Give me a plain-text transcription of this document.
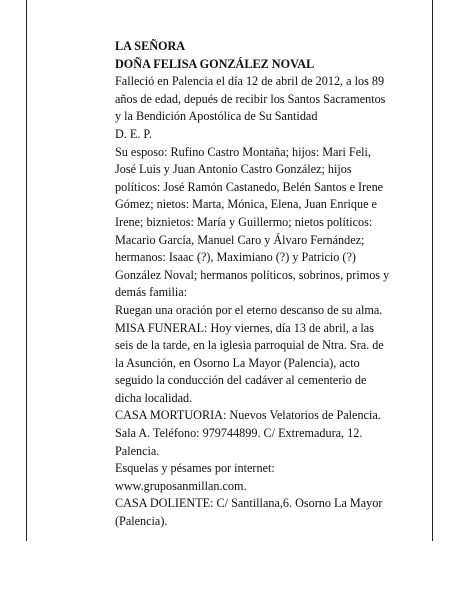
LA SEÑORA

DOÑA FELISA GONZÁLEZ NOVAL

Falleció en Palencia el día 12 de abril de 2012, a los 89

años de edad, depués de recibir los Santos Sacramentos

y la Bendición Apostólica de Su Santidad

D. E. P.

Su esposo: Rufino Castro Montaña; hijos: Mari Feli,

José Luis y Juan Antonio Castro González; hijos

políticos: José Ramón Castanedo, Belén Santos e Irene

Gómez; nietos: Marta, Mónica, Elena, Juan Enrique e

Irene; biznietos: María y Guillermo; nietos políticos:

Macario García, Manuel Caro y Álvaro Fernández;

hermanos: Isaac (?), Maximiano (?) y Patricio (?)

González Noval; hermanos políticos, sobrinos, primos y

demás familia:

Ruegan una oración por el eterno descanso de su alma.

MISA FUNERAL: Hoy viernes, día 13 de abril, a las

seis de la tarde, en la iglesia parroquial de Ntra. Sra. de

la Asunción, en Osorno La Mayor (Palencia), acto

seguido la conducción del cadáver al cementerio de

dicha localidad.

CASA MORTUORIA: Nuevos Velatorios de Palencia.

Sala A. Teléfono: 979744899. C/ Extremadura, 12.

Palencia.

Esquelas y pésames por internet:

www.gruposanmillan.com.

CASA DOLIENTE: C/ Santillana,6. Osorno La Mayor

(Palencia).
